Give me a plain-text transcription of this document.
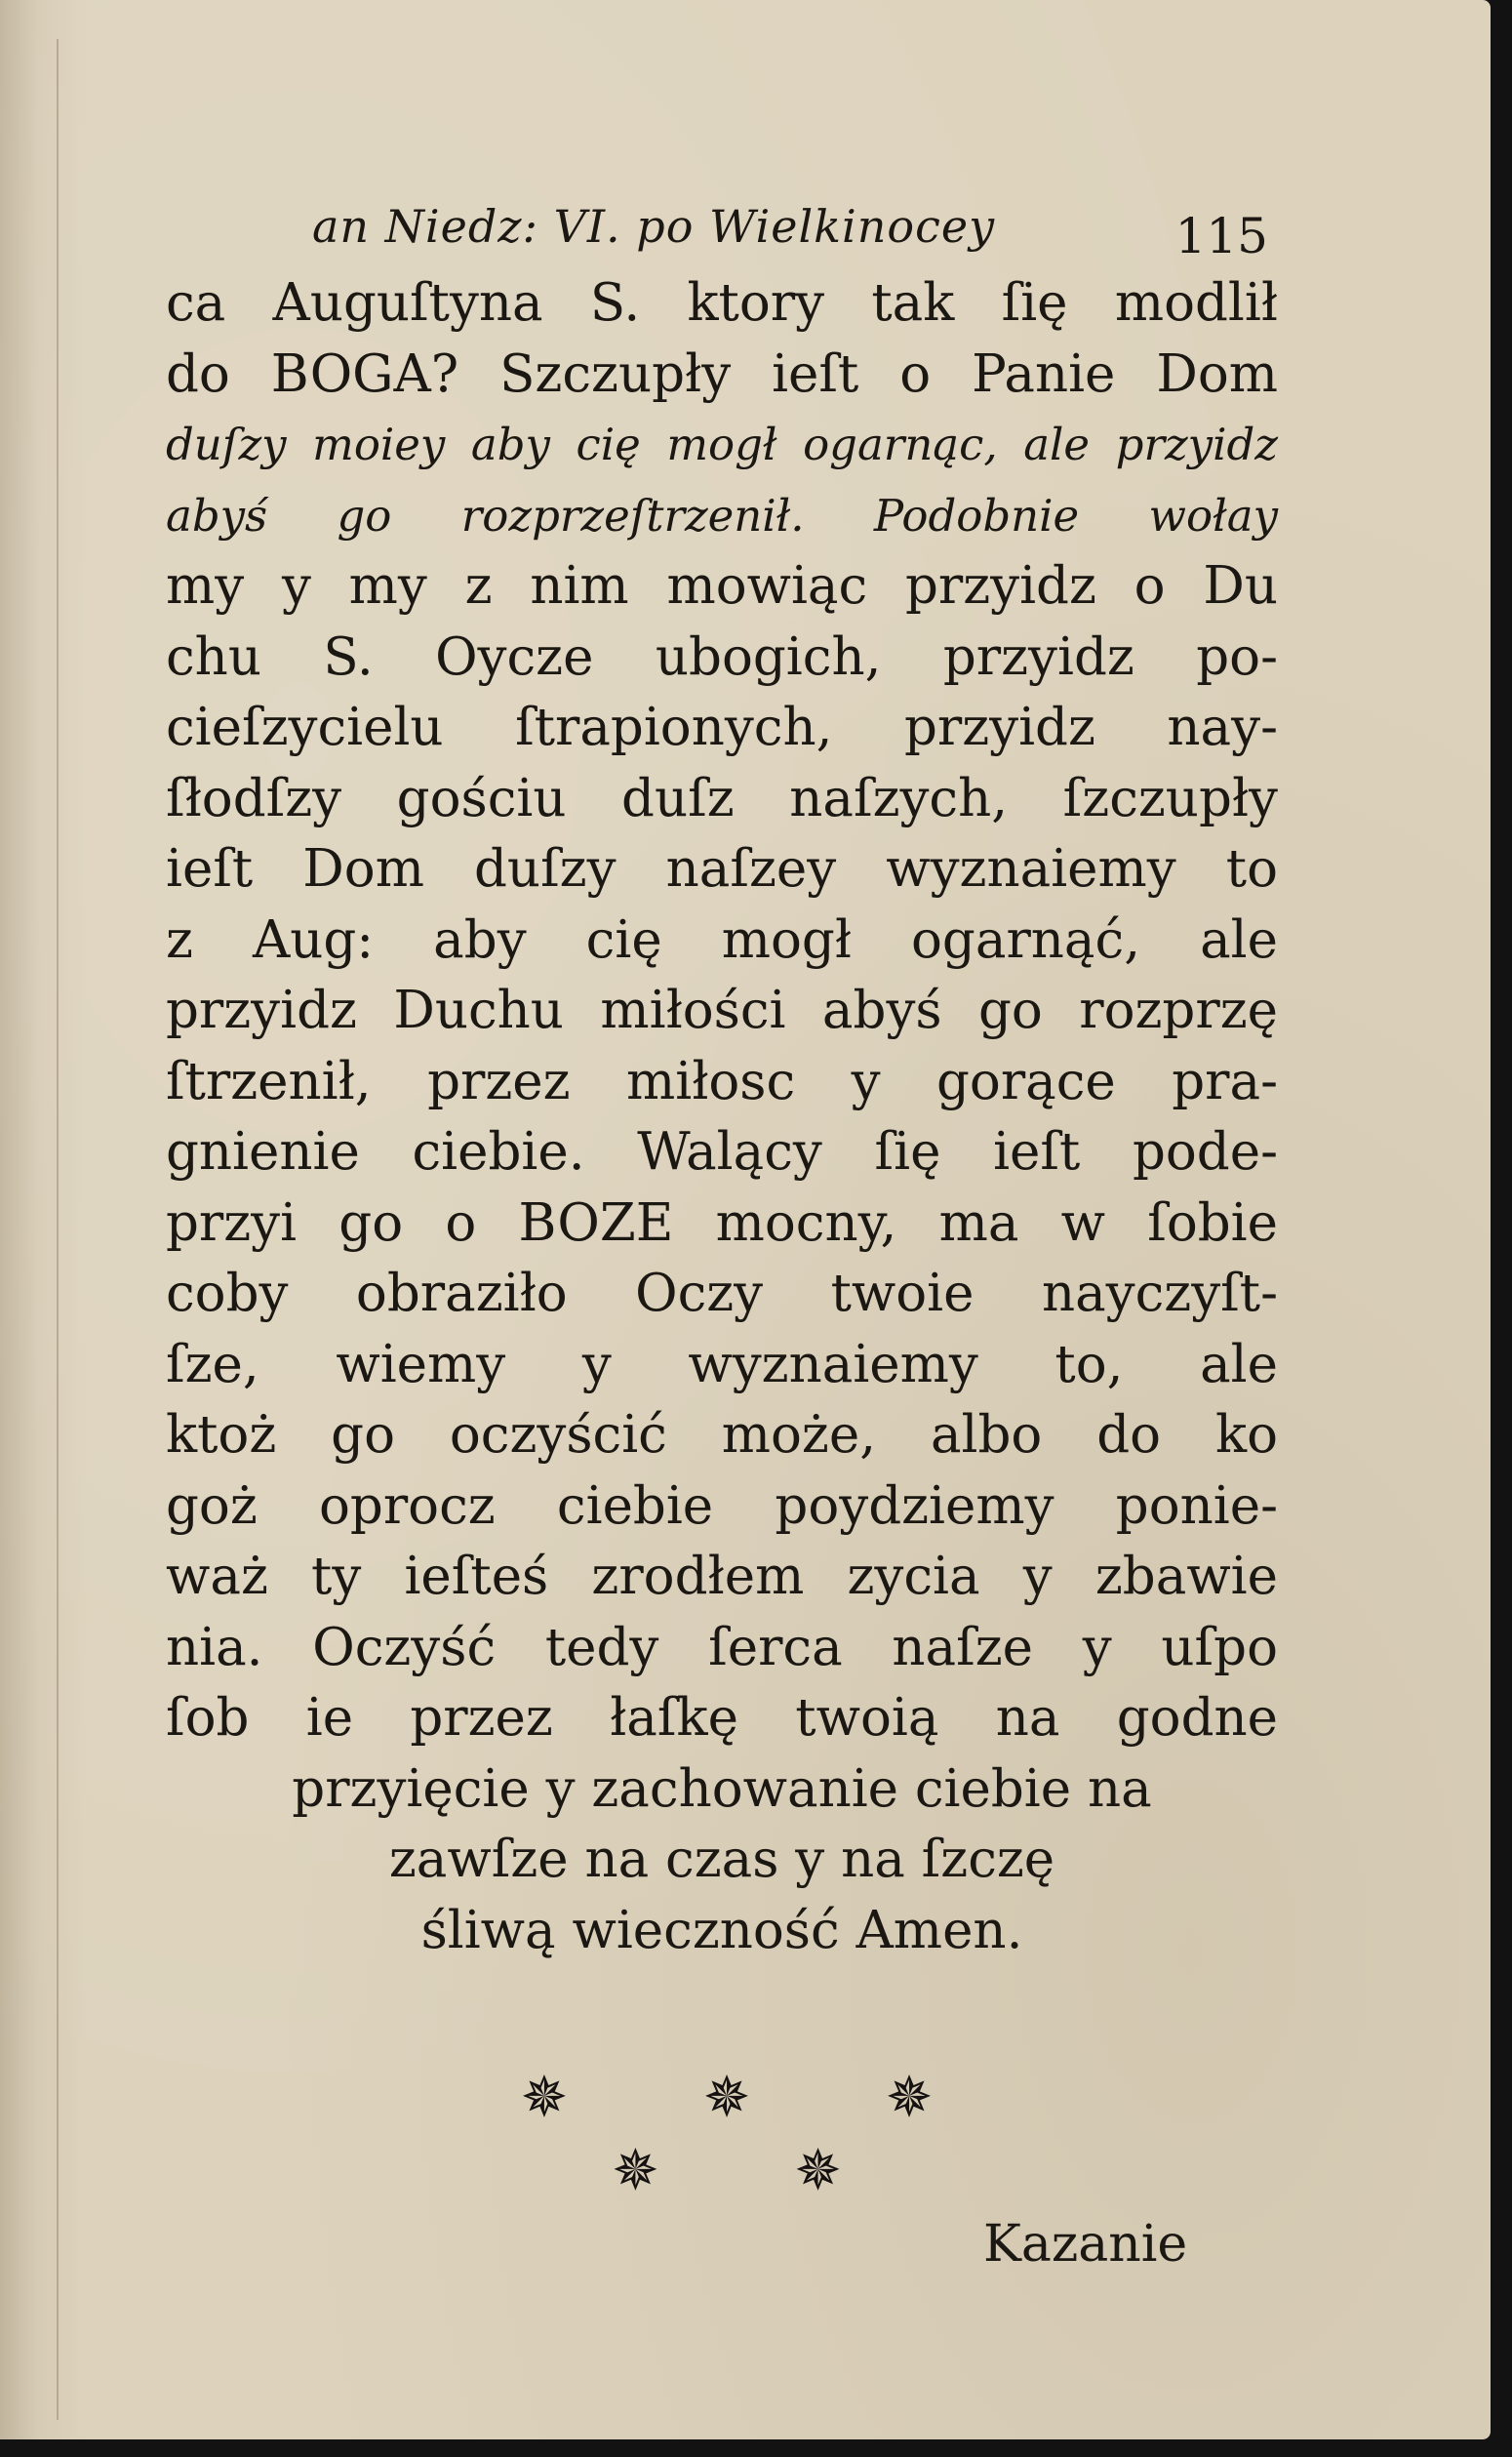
an Niedz: VI. po Wielkinocey	115
ca Auguſtyna S. ktory tak ſię modlił
do BOGA? Szczupły ieſt o Panie Dom
duſzy moiey aby cię mogł ogarnąc, ale przyidz
abyś go rozprzeſtrzenił. Podobnie wołay
my y my z nim mowiąc przyidz o Du
chu S. Oycze ubogich, przyidz po-
cieſzycielu ſtrapionych, przyidz nay-
ſłodſzy gościu duſz naſzych, ſzczupły
ieſt Dom duſzy naſzey wyznaiemy to
z Aug: aby cię mogł ogarnąć, ale
przyidz Duchu miłości abyś go rozprzę
ſtrzenił, przez miłosc y gorące pra-
gnienie ciebie. Walący ſię ieſt pode-
przyi go o BOZE mocny, ma w ſobie
coby obraziło Oczy twoie nayczyſt-
ſze, wiemy y wyznaiemy to, ale
ktoż go oczyścić może, albo do ko
goż oprocz ciebie poydziemy ponie-
waż ty ieſteś zrodłem zycia y zbawie
nia. Oczyść tedy ſerca naſze y uſpo
ſob ie przez łaſkę twoią na godne
przyięcie y zachowanie ciebie na
zawſze na czas y na ſzczę
śliwą wieczność Amen.
✵ ✵ ✵
✵ ✵
Kazanie
